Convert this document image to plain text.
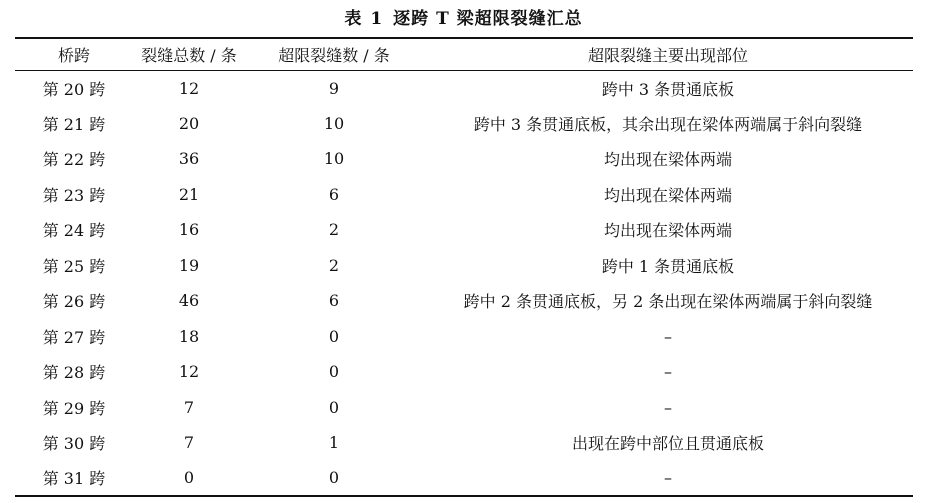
表 1 逐跨 T 梁超限裂缝汇总
桥跨	裂缝总数 / 条	超限裂缝数 / 条	超限裂缝主要出现部位
第 20 跨	12	9	跨中 3 条贯通底板
第 21 跨	20	10	跨中 3 条贯通底板，其余出现在梁体两端属于斜向裂缝
第 22 跨	36	10	均出现在梁体两端
第 23 跨	21	6	均出现在梁体两端
第 24 跨	16	2	均出现在梁体两端
第 25 跨	19	2	跨中 1 条贯通底板
第 26 跨	46	6	跨中 2 条贯通底板，另 2 条出现在梁体两端属于斜向裂缝
第 27 跨	18	0	–
第 28 跨	12	0	–
第 29 跨	7	0	–
第 30 跨	7	1	出现在跨中部位且贯通底板
第 31 跨	0	0	–
